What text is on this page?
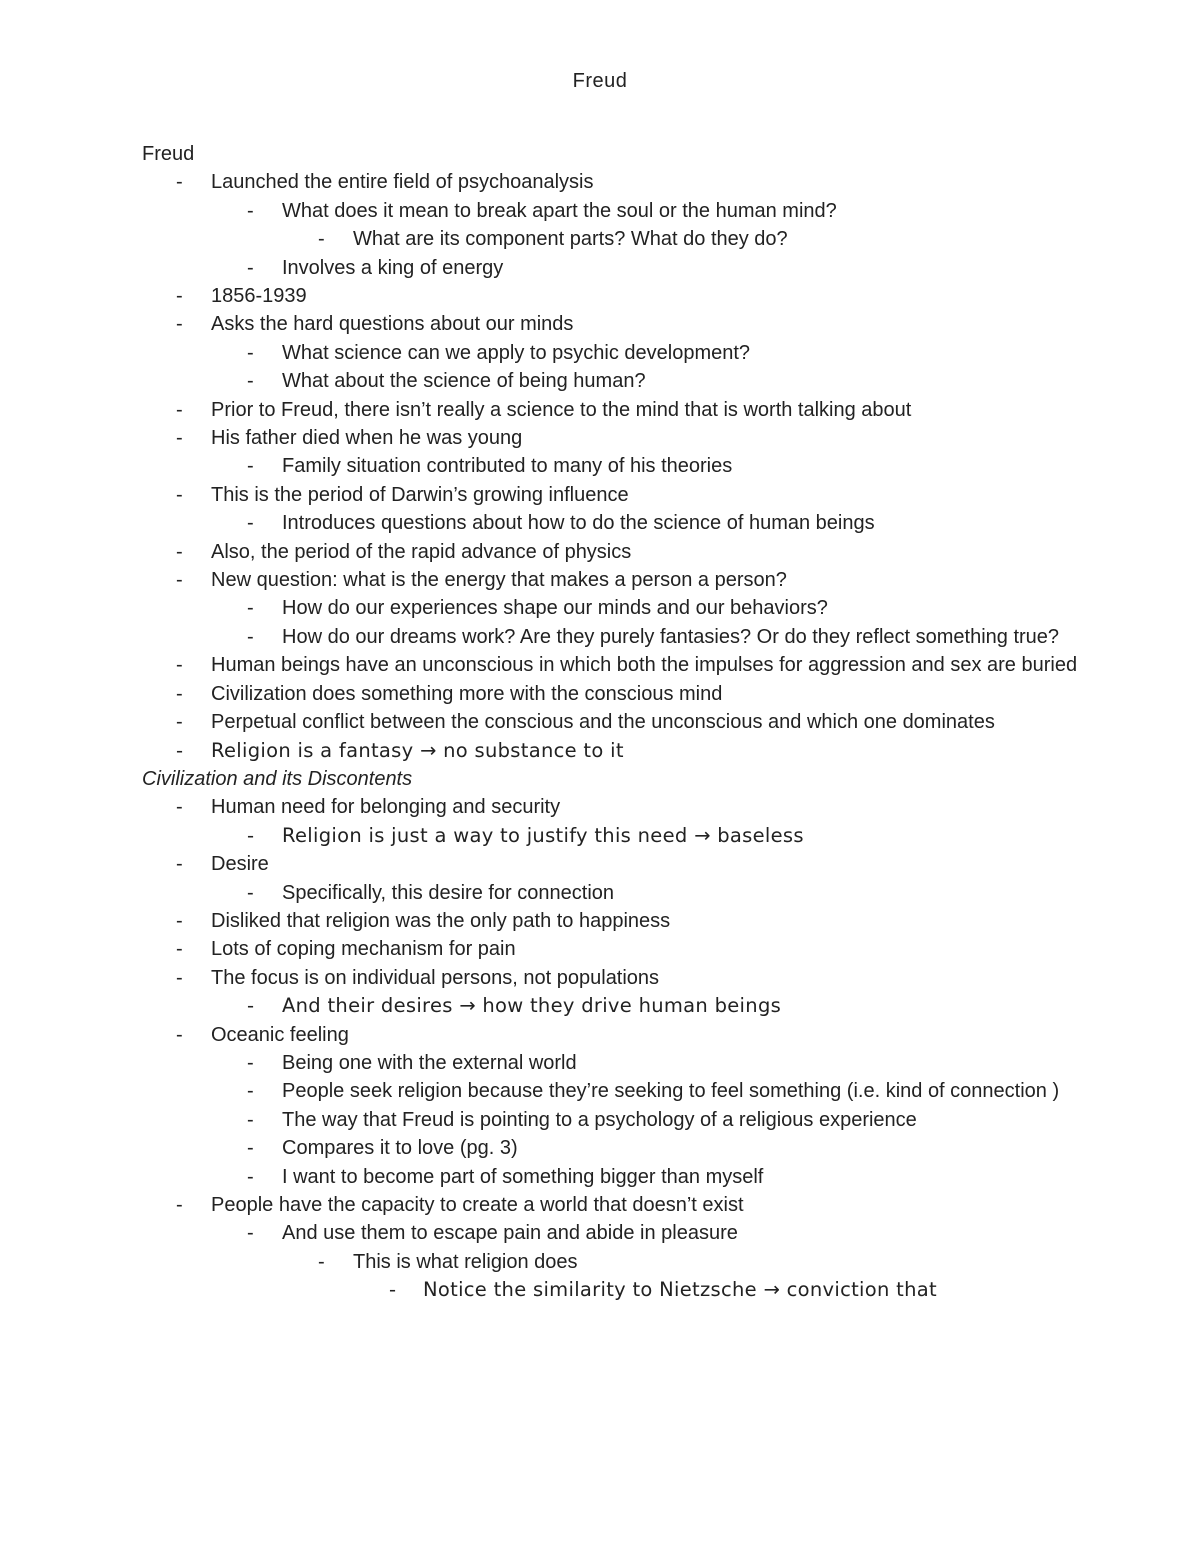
Freud
Freud
- Launched the entire field of psychoanalysis
- What does it mean to break apart the soul or the human mind?
- What are its component parts? What do they do?
- Involves a king of energy
- 1856-1939
- Asks the hard questions about our minds
- What science can we apply to psychic development?
- What about the science of being human?
- Prior to Freud, there isn’t really a science to the mind that is worth talking about
- His father died when he was young
- Family situation contributed to many of his theories
- This is the period of Darwin’s growing influence
- Introduces questions about how to do the science of human beings
- Also, the period of the rapid advance of physics
- New question: what is the energy that makes a person a person?
- How do our experiences shape our minds and our behaviors?
- How do our dreams work? Are they purely fantasies? Or do they reflect something true?
- Human beings have an unconscious in which both the impulses for aggression and sex are buried
- Civilization does something more with the conscious mind
- Perpetual conflict between the conscious and the unconscious and which one dominates
- Religion is a fantasy → no substance to it
Civilization and its Discontents
- Human need for belonging and security
- Religion is just a way to justify this need → baseless
- Desire
- Specifically, this desire for connection
- Disliked that religion was the only path to happiness
- Lots of coping mechanism for pain
- The focus is on individual persons, not populations
- And their desires → how they drive human beings
- Oceanic feeling
- Being one with the external world
- People seek religion because they’re seeking to feel something (i.e. kind of connection )
- The way that Freud is pointing to a psychology of a religious experience
- Compares it to love (pg. 3)
- I want to become part of something bigger than myself
- People have the capacity to create a world that doesn’t exist
- And use them to escape pain and abide in pleasure
- This is what religion does
- Notice the similarity to Nietzsche → conviction that
